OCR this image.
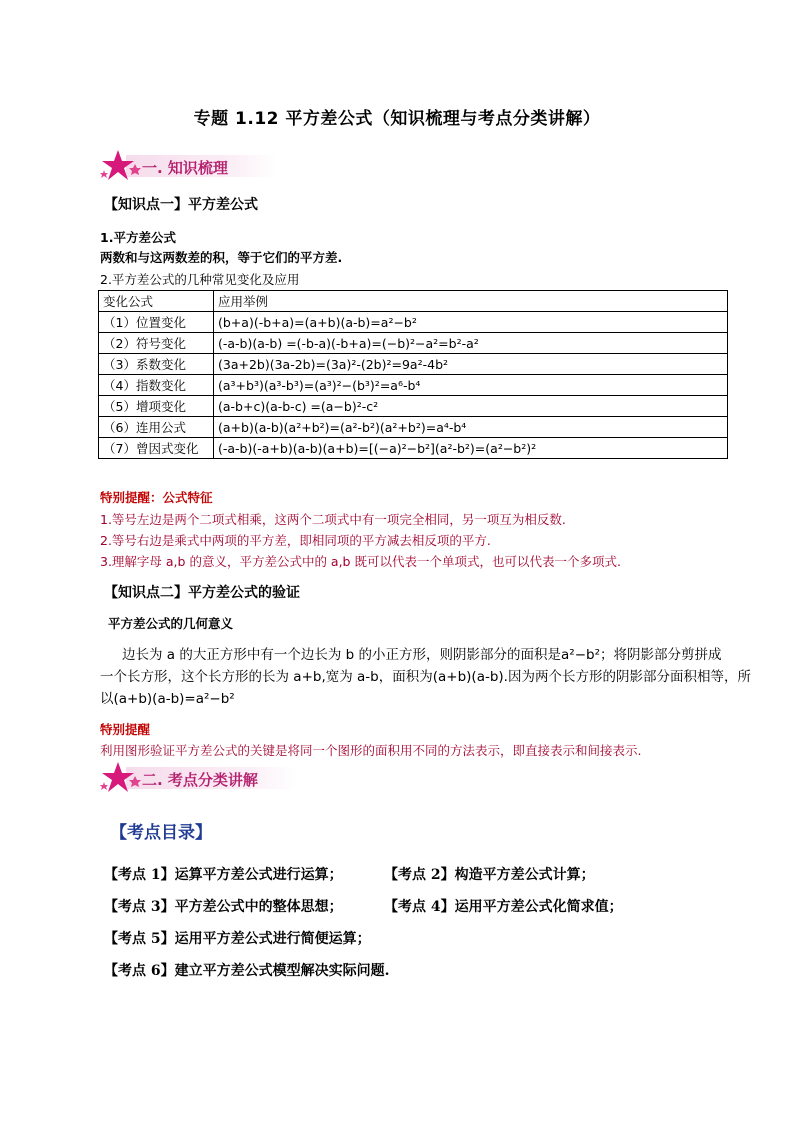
专题 1.12 平方差公式（知识梳理与考点分类讲解）
一. 知识梳理
【知识点一】平方差公式
1.平方差公式
两数和与这两数差的积，等于它们的平方差.
2.平方差公式的几种常见变化及应用
变化公式	应用举例
（1）位置变化	(b+a)(-b+a)=(a+b)(a-b)=a²−b²
（2）符号变化	(-a-b)(a-b) =(-b-a)(-b+a)=(−b)²−a²=b²-a²
（3）系数变化	(3a+2b)(3a-2b)=(3a)²-(2b)²=9a²-4b²
（4）指数变化	(a³+b³)(a³-b³)=(a³)²−(b³)²=a⁶-b⁴
（5）增项变化	(a-b+c)(a-b-c) =(a−b)²-c²
（6）连用公式	(a+b)(a-b)(a²+b²)=(a²-b²)(a²+b²)=a⁴-b⁴
（7）曾因式变化	(-a-b)(-a+b)(a-b)(a+b)=[(−a)²−b²](a²-b²)=(a²−b²)²
特别提醒：公式特征
1.等号左边是两个二项式相乘，这两个二项式中有一项完全相同，另一项互为相反数.
2.等号右边是乘式中两项的平方差，即相同项的平方减去相反项的平方.
3.理解字母 a,b 的意义，平方差公式中的 a,b 既可以代表一个单项式，也可以代表一个多项式.
【知识点二】平方差公式的验证
平方差公式的几何意义
边长为 a 的大正方形中有一个边长为 b 的小正方形，则阴影部分的面积是a²−b²；将阴影部分剪拼成
一个长方形，这个长方形的长为 a+b,宽为 a-b，面积为(a+b)(a-b).因为两个长方形的阴影部分面积相等，所
以(a+b)(a-b)=a²−b²
特别提醒
利用图形验证平方差公式的关键是将同一个图形的面积用不同的方法表示，即直接表示和间接表示.
二. 考点分类讲解
【考点目录】
【考点 1】运算平方差公式进行运算；	【考点 2】构造平方差公式计算；
【考点 3】平方差公式中的整体思想；	【考点 4】运用平方差公式化简求值；
【考点 5】运用平方差公式进行简便运算；
【考点 6】建立平方差公式模型解决实际问题.
